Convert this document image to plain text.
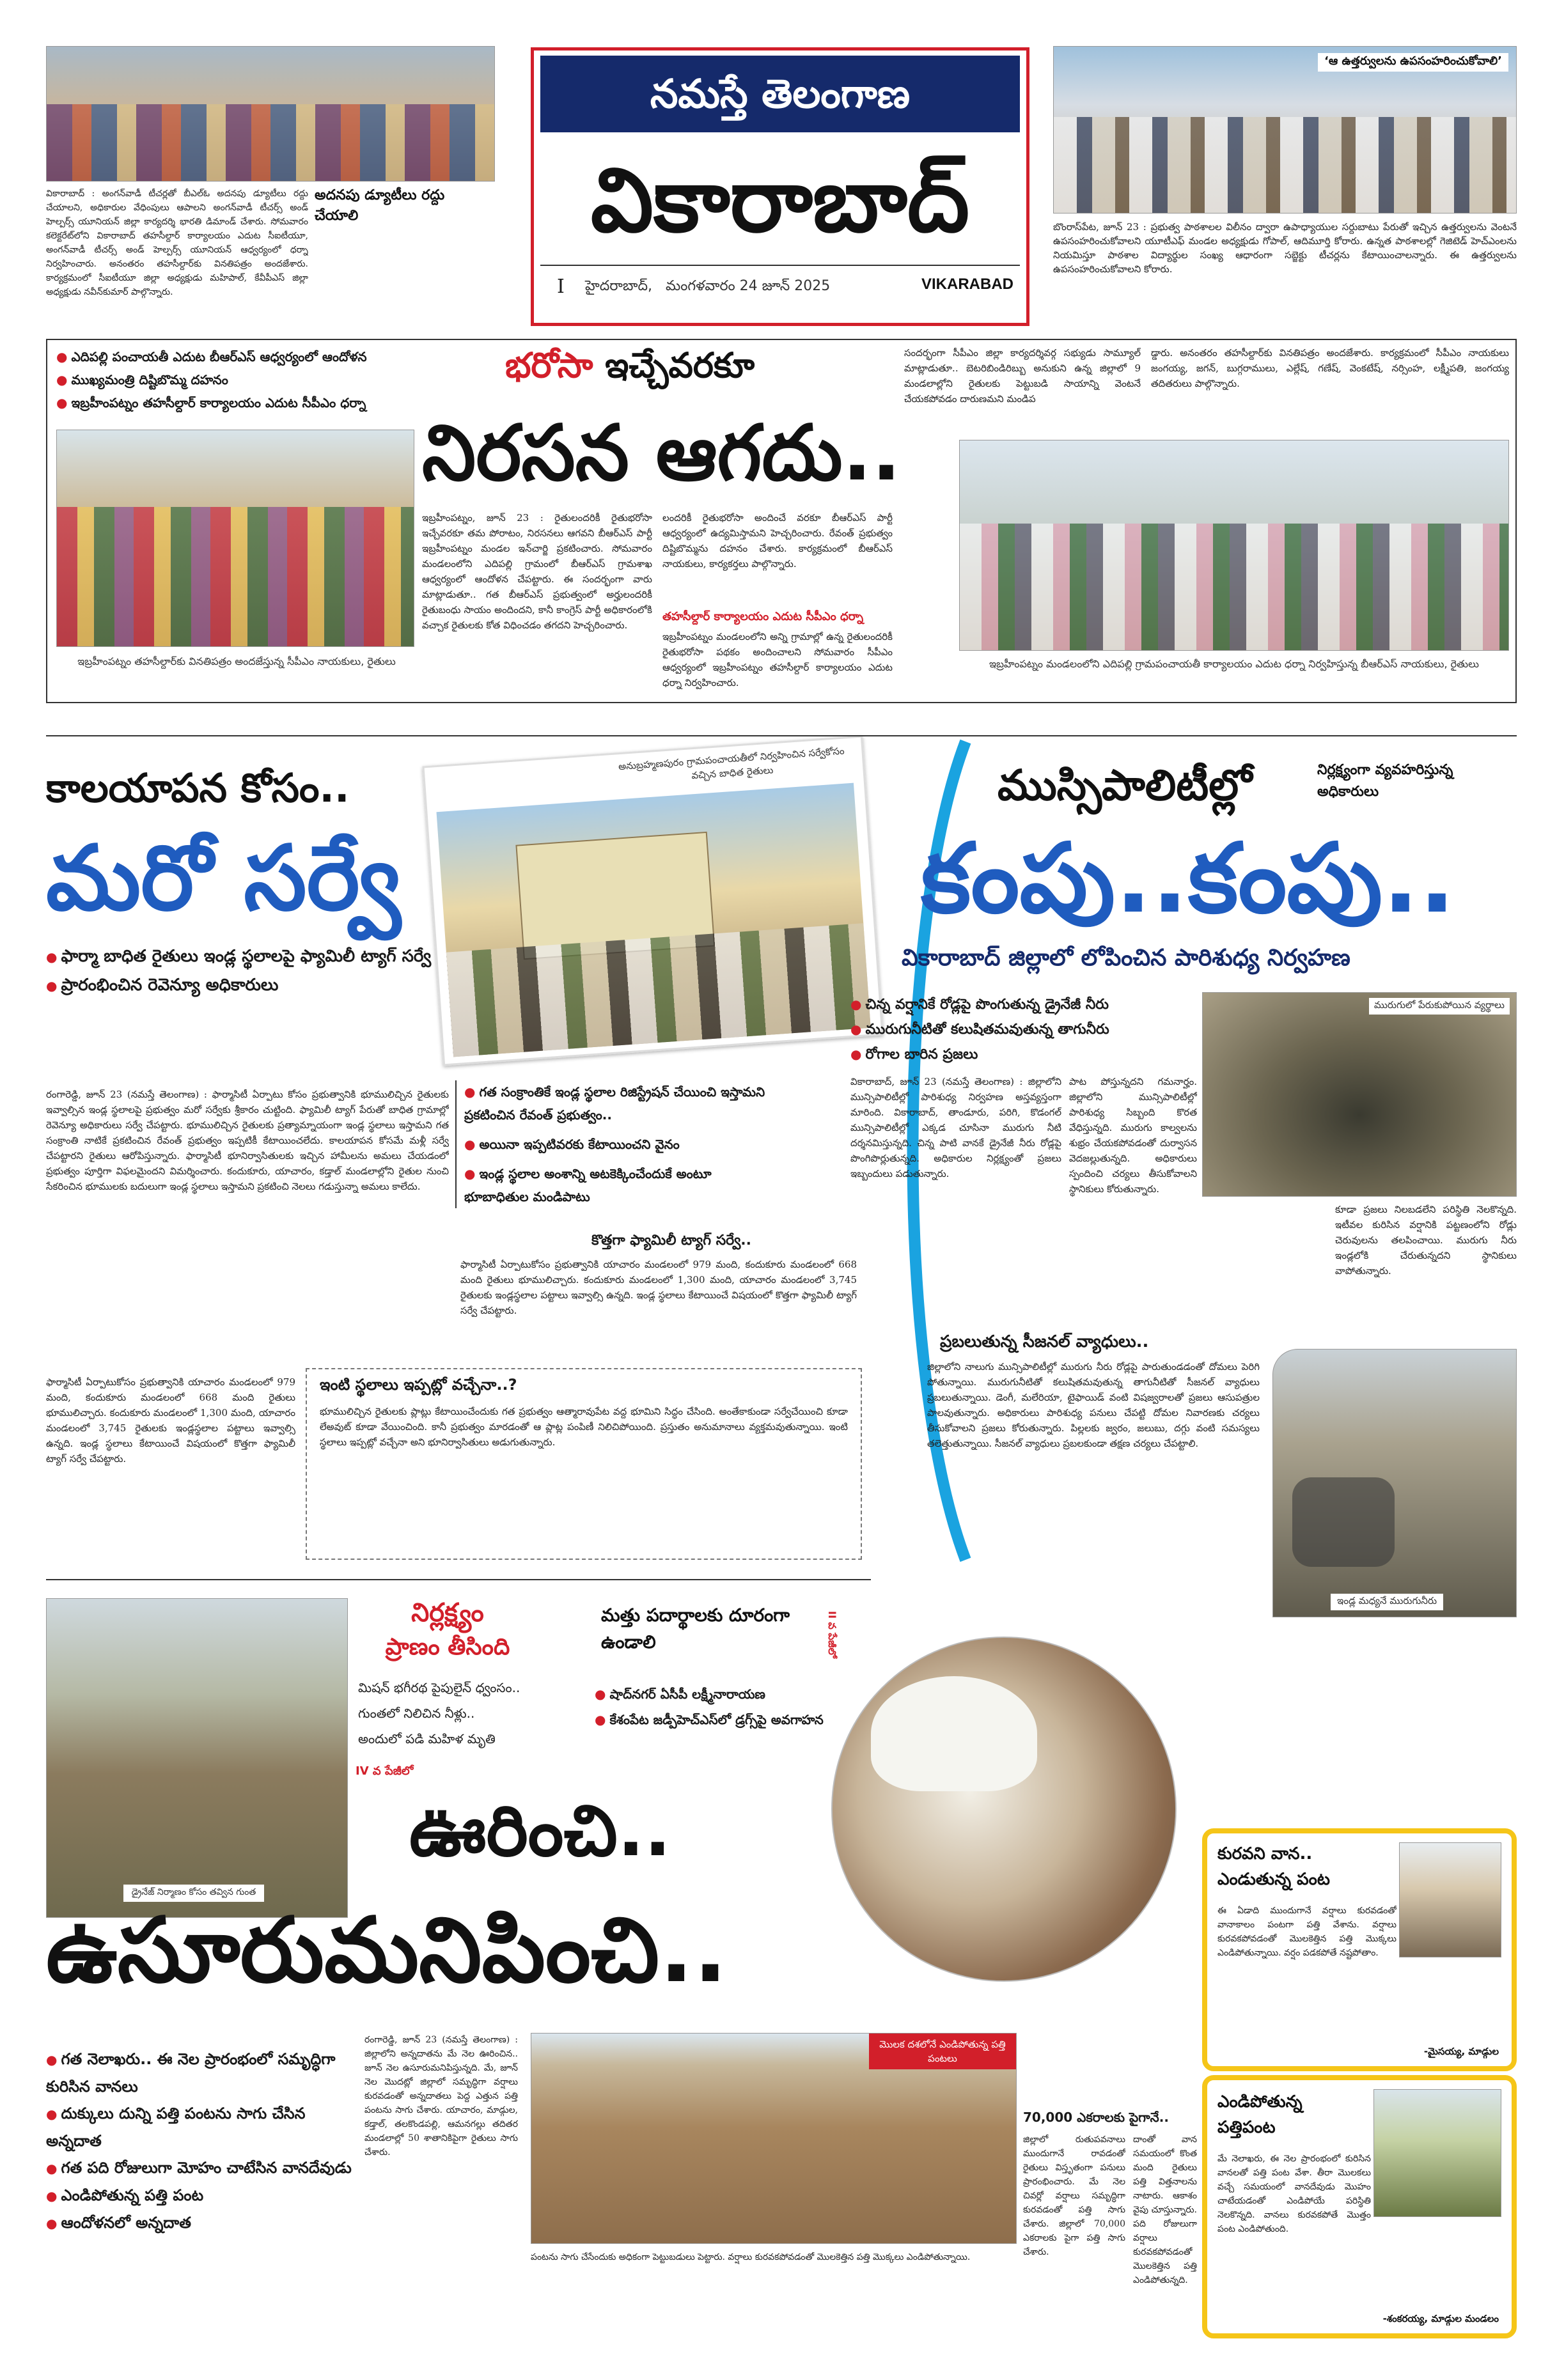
నమస్తే తెలంగాణ
వికారాబాద్
I హైదరాబాద్, మంగళవారం 24 జూన్ 2025	VIKARABAD
అదనపు డ్యూటీలు రద్దు చేయాలి
వికారాబాద్ : అంగన్‌వాడీ టీచర్లతో బీఎల్‌ఓ అదనపు డ్యూటీలు రద్దు చేయాలని, అధికారుల వేధింపులు ఆపాలని అంగన్‌వాడీ టీచర్స్ అండ్ హెల్పర్స్ యూనియన్ జిల్లా కార్యదర్శి భారతి డిమాండ్ చేశారు. సోమవారం కలెక్టరేట్‌లోని వికారాబాద్ తహసీల్దార్ కార్యాలయం ఎదుట సీఐటీయూ, అంగన్‌వాడీ టీచర్స్ అండ్ హెల్పర్స్ యూనియన్ ఆధ్వర్యంలో ధర్నా నిర్వహించారు. అనంతరం తహసీల్దార్‌కు వినతిపత్రం అందజేశారు. కార్యక్రమంలో సీఐటీయూ జిల్లా అధ్యక్షుడు మహిపాల్, కేవీపీఎస్ జిల్లా అధ్యక్షుడు నవీన్‌కుమార్ పాల్గొన్నారు.
‘ఆ ఉత్తర్వులను ఉపసంహరించుకోవాలి’
బొంరాస్‌పేట, జూన్ 23 : ప్రభుత్వ పాఠశాలల విలీనం ద్వారా ఉపాధ్యాయుల సర్దుబాటు పేరుతో ఇచ్చిన ఉత్తర్వులను వెంటనే ఉపసంహరించుకోవాలని యూటీఎఫ్ మండల అధ్యక్షుడు గోపాల్, ఆదిమూర్తి కోరారు. ఉన్నత పాఠశాలల్లో గెజిటెడ్ హెచ్ఎంలను నియమిస్తూ పాఠశాల విద్యార్థుల సంఖ్య ఆధారంగా సబ్జెక్టు టీచర్లను కేటాయించాలన్నారు. ఈ ఉత్తర్వులను ఉపసంహరించుకోవాలని కోరారు.
● ఎదిపల్లి పంచాయతీ ఎదుట బీఆర్ఎస్ ఆధ్వర్యంలో ఆందోళన
● ముఖ్యమంత్రి దిష్టిబొమ్మ దహనం
● ఇబ్రహీంపట్నం తహసీల్దార్ కార్యాలయం ఎదుట సీపీఎం ధర్నా
భరోసా ఇచ్చేవరకూ
నిరసన ఆగదు..
ఇబ్రహీంపట్నం తహసీల్దార్‌కు వినతిపత్రం అందజేస్తున్న సీపీఎం నాయకులు, రైతులు
ఇబ్రహీంపట్నం, జూన్ 23 : రైతులందరికీ రైతుభరోసా ఇచ్చేవరకూ తమ పోరాటం, నిరసనలు ఆగవని బీఆర్ఎస్ పార్టీ ఇబ్రహీంపట్నం మండల ఇన్‌చార్జి ప్రకటించారు. సోమవారం మండలంలోని ఎదిపల్లి గ్రామంలో బీఆర్ఎస్ గ్రామశాఖ ఆధ్వర్యంలో ఆందోళన చేపట్టారు. ఈ సందర్భంగా వారు మాట్లాడుతూ.. గత బీఆర్ఎస్ ప్రభుత్వంలో అర్హులందరికీ రైతుబంధు సాయం అందిందని, కానీ కాంగ్రెస్ పార్టీ అధికారంలోకి వచ్చాక రైతులకు కోత విధించడం తగదని హెచ్చరించారు.
లందరికీ రైతుభరోసా అందించే వరకూ బీఆర్ఎస్ పార్టీ ఆధ్వర్యంలో ఉద్యమిస్తామని హెచ్చరించారు. రేవంత్ ప్రభుత్వం దిష్టిబొమ్మను దహనం చేశారు. కార్యక్రమంలో బీఆర్ఎస్ నాయకులు, కార్యకర్తలు పాల్గొన్నారు.
తహసీల్దార్ కార్యాలయం ఎదుట సీపీఎం ధర్నా
ఇబ్రహీంపట్నం మండలంలోని అన్ని గ్రామాల్లో ఉన్న రైతులందరికీ రైతుభరోసా పథకం అందించాలని సోమవారం సీపీఎం ఆధ్వర్యంలో ఇబ్రహీంపట్నం తహసీల్దార్ కార్యాలయం ఎదుట ధర్నా నిర్వహించారు.
సందర్భంగా సీపీఎం జిల్లా కార్యదర్శివర్గ సభ్యుడు సామ్యూల్ మాట్లాడుతూ.. బెటరిబిండిరిబ్బు అనుకుని ఉన్న జిల్లాలో 9 మండలాల్లోని రైతులకు పెట్టుబడి సాయాన్ని వెంటనే చేయకపోవడం దారుణమని మండిప
డ్డారు. అనంతరం తహసీల్దార్‌కు వినతిపత్రం అందజేశారు. కార్యక్రమంలో సీపీఎం నాయకులు జంగయ్య, జగన్, బుగ్గరాములు, ఎల్లేష్, గణేష్, వెంకటేష్, నర్సింహ, లక్ష్మీపతి, జంగయ్య తదితరులు పాల్గొన్నారు.
ఇబ్రహీంపట్నం మండలంలోని ఎదిపల్లి గ్రామపంచాయతీ కార్యాలయం ఎదుట ధర్నా నిర్వహిస్తున్న బీఆర్ఎస్ నాయకులు, రైతులు
కాలయాపన కోసం..
మరో సర్వే
● ఫార్మా బాధిత రైతులు ఇండ్ల స్థలాలపై ఫ్యామిలీ ట్యాగ్ సర్వే
● ప్రారంభించిన రెవెన్యూ అధికారులు
అనుబ్రహ్మణపురం గ్రామపంచాయతీలో నిర్వహించిన సర్వేకోసం వచ్చిన బాధిత రైతులు
● గత సంక్రాంతికే ఇండ్ల స్థలాల రిజిస్ట్రేషన్ చేయించి ఇస్తామని ప్రకటించిన రేవంత్ ప్రభుత్వం..
● అయినా ఇప్పటివరకు కేటాయించని వైనం
● ఇండ్ల స్థలాల అంశాన్ని అటకెక్కించేందుకే అంటూ భూబాధితుల మండిపాటు
రంగారెడ్డి, జూన్ 23 (నమస్తే తెలంగాణ) : ఫార్మాసిటీ ఏర్పాటు కోసం ప్రభుత్వానికి భూములిచ్చిన రైతులకు ఇవ్వాల్సిన ఇండ్ల స్థలాలపై ప్రభుత్వం మరో సర్వేకు శ్రీకారం చుట్టింది. ఫ్యామిలీ ట్యాగ్ పేరుతో బాధిత గ్రామాల్లో రెవెన్యూ అధికారులు సర్వే చేపట్టారు. భూములిచ్చిన రైతులకు ప్రత్యామ్నాయంగా ఇండ్ల స్థలాలు ఇస్తామని గత సంక్రాంతి నాటికే ప్రకటించిన రేవంత్ ప్రభుత్వం ఇప్పటికీ కేటాయించలేదు. కాలయాపన కోసమే మళ్లీ సర్వే చేపట్టారని రైతులు ఆరోపిస్తున్నారు. ఫార్మాసిటీ భూనిర్వాసితులకు ఇచ్చిన హామీలను అమలు చేయడంలో ప్రభుత్వం పూర్తిగా విఫలమైందని విమర్శించారు. కందుకూరు, యాచారం, కడ్తాల్ మండలాల్లోని రైతుల నుంచి సేకరించిన భూములకు బదులుగా ఇండ్ల స్థలాలు ఇస్తామని ప్రకటించి నెలలు గడుస్తున్నా అమలు కాలేదు.
కొత్తగా ఫ్యామిలీ ట్యాగ్ సర్వే..
ఫార్మాసిటీ ఏర్పాటుకోసం ప్రభుత్వానికి యాచారం మండలంలో 979 మంది, కందుకూరు మండలంలో 668 మంది రైతులు భూములిచ్చారు. కందుకూరు మండలంలో 1,300 మంది, యాచారం మండలంలో 3,745 రైతులకు ఇండ్లస్థలాల పట్టాలు ఇవ్వాల్సి ఉన్నది. ఇండ్ల స్థలాలు కేటాయించే విషయంలో కొత్తగా ఫ్యామిలీ ట్యాగ్ సర్వే చేపట్టారు.
ఇంటి స్థలాలు ఇప్పట్లో వచ్చేనా..?
భూములిచ్చిన రైతులకు ప్లాట్లు కేటాయించేందుకు గత ప్రభుత్వం ఆత్మారావుపేట వద్ద భూమిని సిద్ధం చేసింది. అంతేకాకుండా సర్వేచేయించి కూడా లేఅవుట్ కూడా వేయించింది. కానీ ప్రభుత్వం మారడంతో ఆ ప్లాట్ల పంపిణీ నిలిచిపోయింది. ప్రస్తుతం అనుమానాలు వ్యక్తమవుతున్నాయి. ఇంటి స్థలాలు ఇప్పట్లో వచ్చేనా అని భూనిర్వాసితులు అడుగుతున్నారు.
ఫార్మాసిటీ ఏర్పాటుకోసం ప్రభుత్వానికి యాచారం మండలంలో 979 మంది, కందుకూరు మండలంలో 668 మంది రైతులు భూములిచ్చారు. కందుకూరు మండలంలో 1,300 మంది, యాచారం మండలంలో 3,745 రైతులకు ఇండ్లస్థలాల పట్టాలు ఇవ్వాల్సి ఉన్నది. ఇండ్ల స్థలాలు కేటాయించే విషయంలో కొత్తగా ఫ్యామిలీ ట్యాగ్ సర్వే చేపట్టారు.
ముస్సిపాలిటీల్లో	నిర్లక్ష్యంగా వ్యవహరిస్తున్న అధికారులు
కంపు..కంపు..
వికారాబాద్ జిల్లాలో లోపించిన పారిశుధ్య నిర్వహణ
● చిన్న వర్షానికే రోడ్లపై పొంగుతున్న డ్రైనేజీ నీరు
● మురుగునీటితో కలుషితమవుతున్న తాగునీరు
● రోగాల బారిన ప్రజలు
మురుగులో పేరుకుపోయిన వ్యర్థాలు
వికారాబాద్, జూన్ 23 (నమస్తే తెలంగాణ) : జిల్లాలోని మున్సిపాలిటీల్లో పారిశుధ్య నిర్వహణ అస్తవ్యస్తంగా మారింది. వికారాబాద్, తాండూరు, పరిగి, కొడంగల్ మున్సిపాలిటీల్లో ఎక్కడ చూసినా మురుగు నీటి దర్శనమిస్తున్నది. చిన్న పాటి వానకే డ్రైనేజీ నీరు రోడ్లపై పొంగిపొర్లుతున్నది. అధికారుల నిర్లక్ష్యంతో ప్రజలు ఇబ్బందులు పడుతున్నారు.
పాట పోస్తున్నదని గమనార్హం. జిల్లాలోని మున్సిపాలిటీల్లో పారిశుధ్య సిబ్బంది కొరత వేధిస్తున్నది. మురుగు కాల్వలను శుభ్రం చేయకపోవడంతో దుర్వాసన వెదజల్లుతున్నది. అధికారులు స్పందించి చర్యలు తీసుకోవాలని స్థానికులు కోరుతున్నారు.
కూడా ప్రజలు నిలబడలేని పరిస్థితి నెలకొన్నది. ఇటీవల కురిసిన వర్షానికి పట్టణంలోని రోడ్లు చెరువులను తలపించాయి. మురుగు నీరు ఇండ్లలోకి చేరుతున్నదని స్థానికులు వాపోతున్నారు.
ప్రబలుతున్న సీజనల్ వ్యాధులు..
జిల్లాలోని నాలుగు మున్సిపాలిటీల్లో మురుగు నీరు రోడ్లపై పారుతుండడంతో దోమలు పెరిగి పోతున్నాయి. మురుగునీటితో కలుషితమవుతున్న తాగునీటితో సీజనల్ వ్యాధులు ప్రబలుతున్నాయి. డెంగీ, మలేరియా, టైఫాయిడ్ వంటి విషజ్వరాలతో ప్రజలు ఆసుపత్రుల పాలవుతున్నారు. అధికారులు పారిశుధ్య పనులు చేపట్టి దోమల నివారణకు చర్యలు తీసుకోవాలని ప్రజలు కోరుతున్నారు. పిల్లలకు జ్వరం, జలుబు, దగ్గు వంటి సమస్యలు తలెత్తుతున్నాయి. సీజనల్ వ్యాధులు ప్రబలకుండా తక్షణ చర్యలు చేపట్టాలి.
ఇండ్ల మధ్యనే మురుగునీరు
డ్రైనేజ్ నిర్మాణం కోసం తవ్విన గుంత
నిర్లక్ష్యం
ప్రాణం తీసింది
మిషన్ భగీరథ పైపులైన్ ధ్వంసం..
గుంతలో నిలిచిన నీళ్లు..
అందులో పడి మహిళ మృతి
IV వ పేజీలో
మత్తు పదార్థాలకు దూరంగా ఉండాలి
● షాద్‌నగర్ ఏసీపీ లక్ష్మీనారాయణ
● కేశంపేట జడ్పీహెచ్ఎస్‌లో డ్రగ్స్‌పై అవగాహన
II వ పేజీలో
ఊరించి..
ఉసూరుమనిపించి..
● గత నెలాఖరు.. ఈ నెల ప్రారంభంలో సమృద్ధిగా కురిసిన వానలు
● దుక్కులు దున్ని పత్తి పంటను సాగు చేసిన అన్నదాత
● గత పది రోజులుగా మోహం చాటేసిన వానదేవుడు
● ఎండిపోతున్న పత్తి పంట
● ఆందోళనలో అన్నదాత
రంగారెడ్డి, జూన్ 23 (నమస్తే తెలంగాణ) : జిల్లాలోని అన్నదాతను మే నెల ఊరించిన.. జూన్ నెల ఉసూరుమనిపిస్తున్నది. మే, జూన్ నెల మొదట్లో జిల్లాలో సమృద్ధిగా వర్షాలు కురవడంతో అన్నదాతలు పెద్ద ఎత్తున పత్తి పంటను సాగు చేశారు. యాచారం, మాడ్గుల, కడ్తాల్, తలకొండపల్లి, ఆమనగల్లు తదితర మండలాల్లో 50 శాతానికిపైగా రైతులు సాగు చేశారు.
మొలక దశలోనే ఎండిపోతున్న పత్తి పంటలు
పంటను సాగు చేసేందుకు అధికంగా పెట్టుబడులు పెట్టారు. వర్షాలు కురవకపోవడంతో మొలకెత్తిన పత్తి మొక్కలు ఎండిపోతున్నాయి.
70,000 ఎకరాలకు పైగానే..
జిల్లాలో రుతుపవనాలు ముందుగానే రావడంతో రైతులు విస్తృతంగా పనులు ప్రారంభించారు. మే నెల చివర్లో వర్షాలు సమృద్ధిగా కురవడంతో పత్తి సాగు చేశారు. జిల్లాలో 70,000 ఎకరాలకు పైగా పత్తి సాగు చేశారు.
దాంతో వాన సమయంలో కొంత మంది రైతులు పత్తి విత్తనాలను నాటారు. ఆకాశం వైపు చూస్తున్నారు. పది రోజులుగా వర్షాలు కురవకపోవడంతో మొలకెత్తిన పత్తి ఎండిపోతున్నది.
కురవని వాన.. ఎండుతున్న పంట
ఈ ఏడాది ముందుగానే వర్షాలు కురవడంతో వానాకాలం పంటగా పత్తి వేశాను. వర్షాలు కురవకపోవడంతో మొలకెత్తిన పత్తి మొక్కలు ఎండిపోతున్నాయి. వర్షం పడకపోతే నష్టపోతాం.
-మైసయ్య, మాడ్గుల
ఎండిపోతున్న పత్తిపంట
మే నెలాఖరు, ఈ నెల ప్రారంభంలో కురిసిన వానలతో పత్తి పంట వేశా. తీరా మొలకలు వచ్చే సమయంలో వానదేవుడు మొహం చాటేయడంతో ఎండిపోయే పరిస్థితి నెలకొన్నది. వానలు కురవకపోతే మొత్తం పంట ఎండిపోతుంది.
-శంకరయ్య, మాడ్గుల మండలం
